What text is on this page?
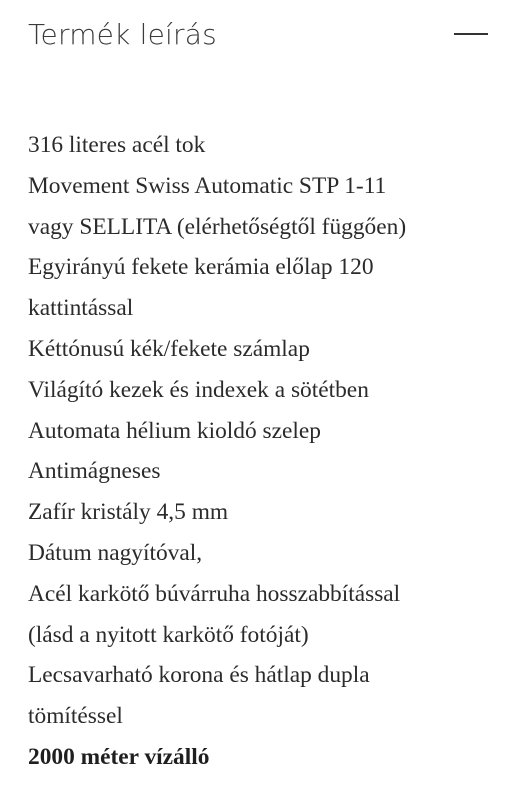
Termék leírás
316 literes acél tok
Movement Swiss Automatic STP 1-11
vagy SELLITA (elérhetőségtől függően)
Egyirányú fekete kerámia előlap 120
kattintással
Kéttónusú kék/fekete számlap
Világító kezek és indexek a sötétben
Automata hélium kioldó szelep
Antimágneses
Zafír kristály 4,5 mm
Dátum nagyítóval,
Acél karkötő búvárruha hosszabbítással
(lásd a nyitott karkötő fotóját)
Lecsavarható korona és hátlap dupla
tömítéssel
2000 méter vízálló
